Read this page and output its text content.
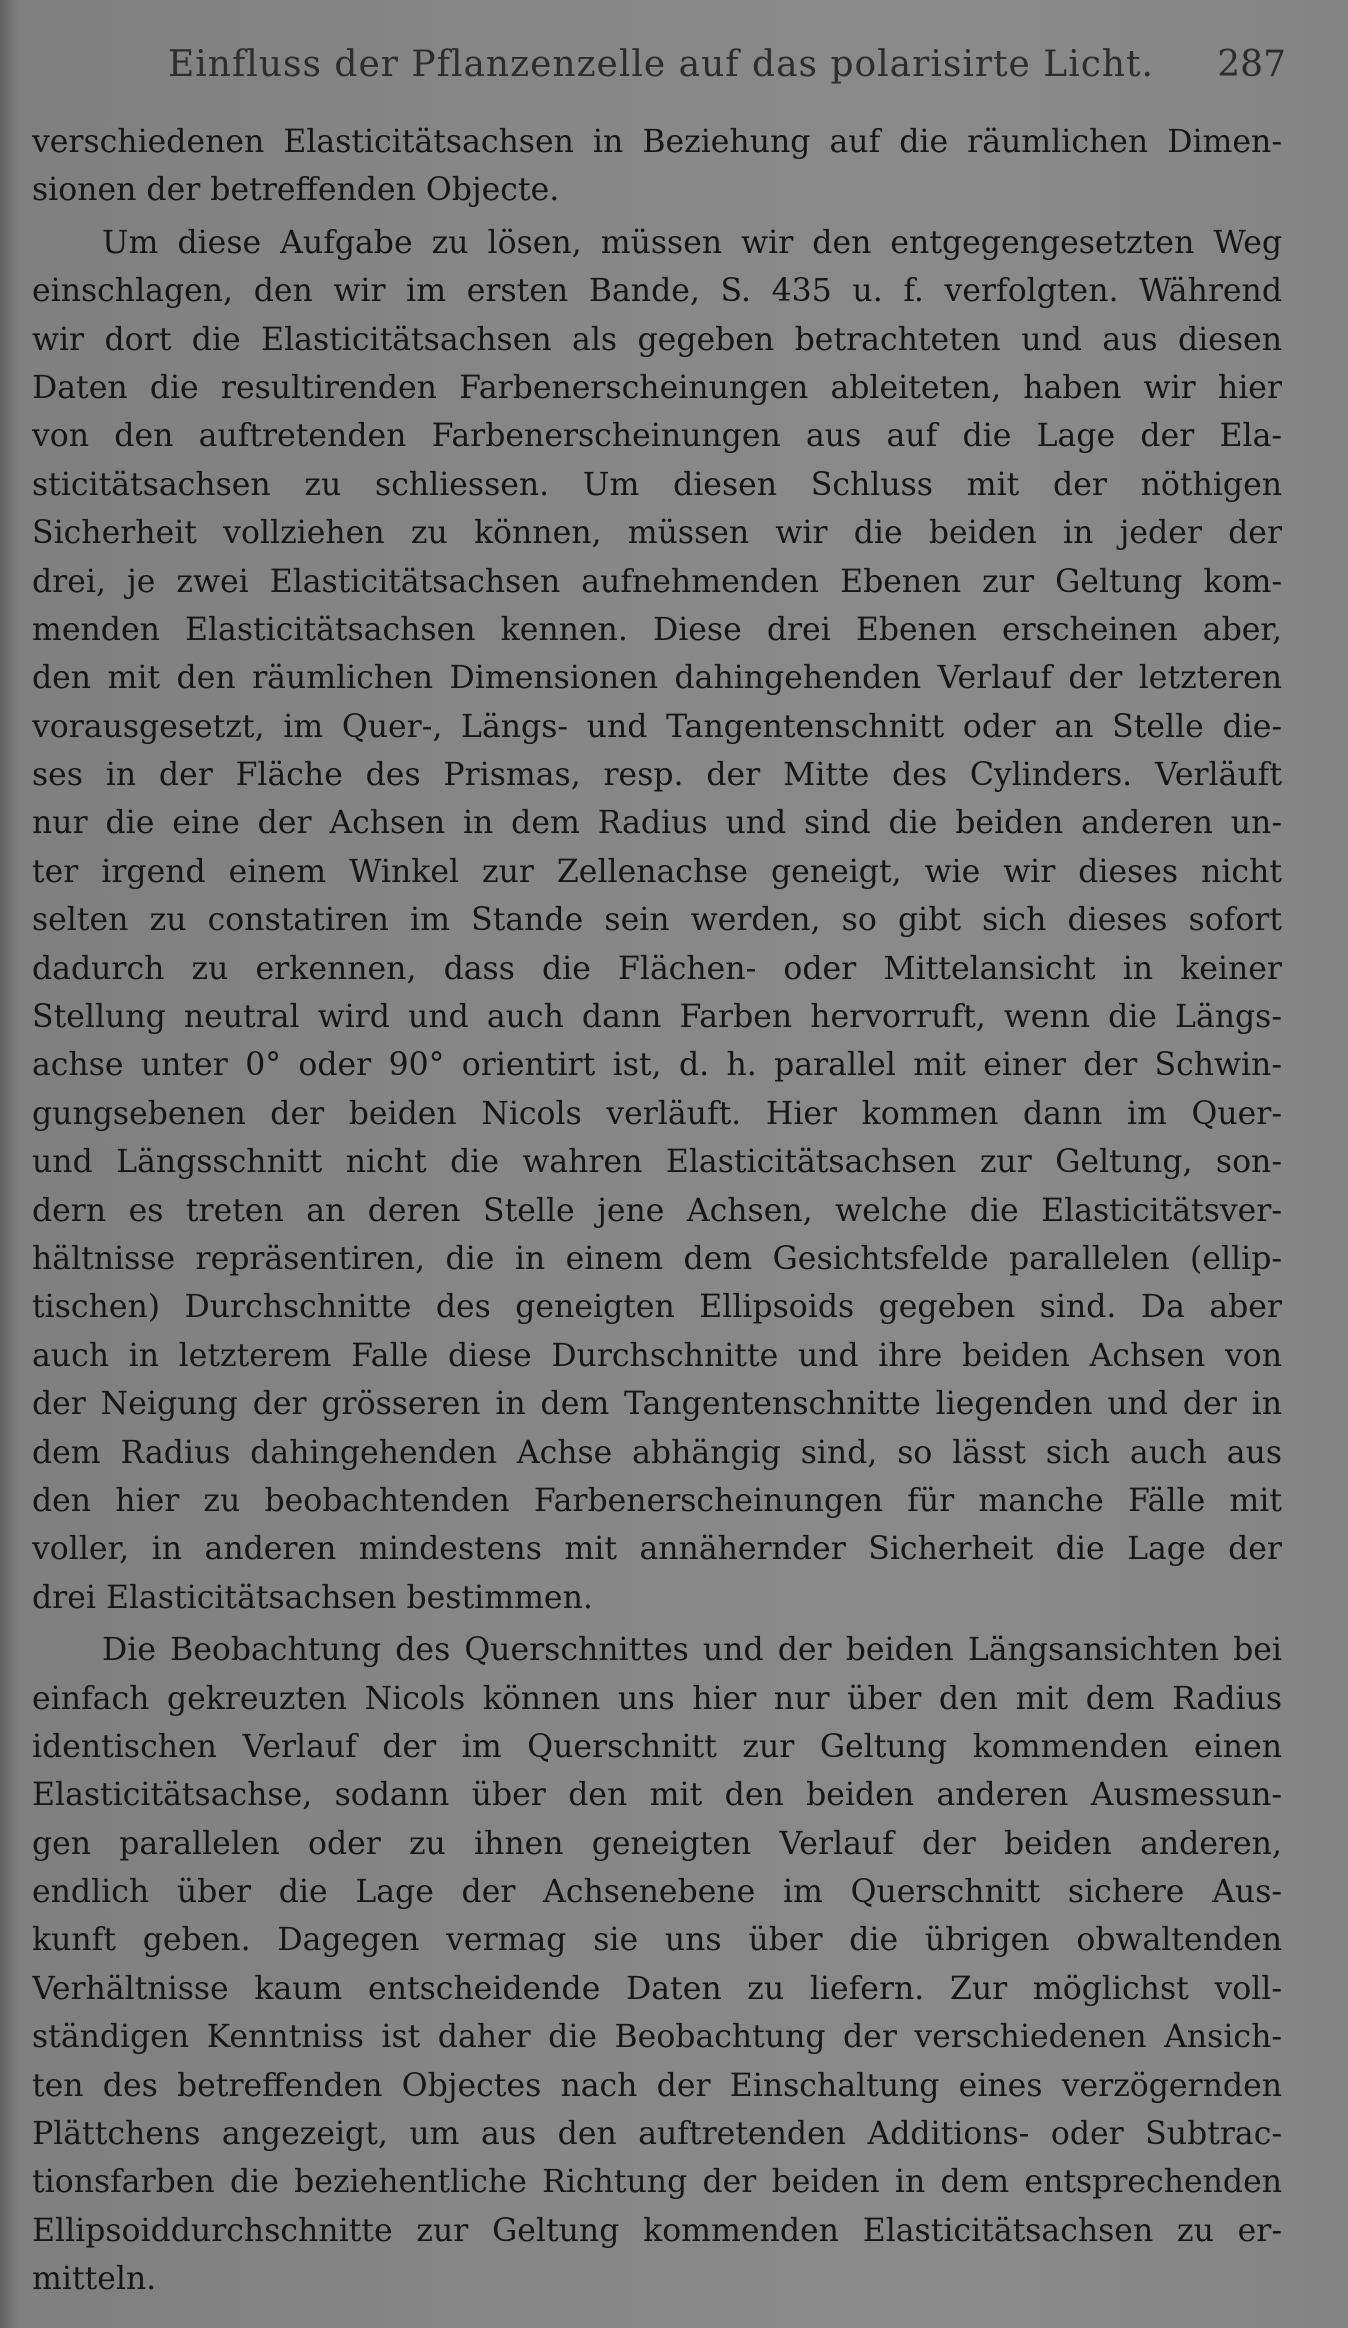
Einfluss der Pflanzenzelle auf das polarisirte Licht. 287
verschiedenen Elasticitätsachsen in Beziehung auf die räumlichen Dimen-
sionen der betreffenden Objecte.
Um diese Aufgabe zu lösen, müssen wir den entgegengesetzten Weg
einschlagen, den wir im ersten Bande, S. 435 u. f. verfolgten. Während
wir dort die Elasticitätsachsen als gegeben betrachteten und aus diesen
Daten die resultirenden Farbenerscheinungen ableiteten, haben wir hier
von den auftretenden Farbenerscheinungen aus auf die Lage der Ela-
sticitätsachsen zu schliessen. Um diesen Schluss mit der nöthigen
Sicherheit vollziehen zu können, müssen wir die beiden in jeder der
drei, je zwei Elasticitätsachsen aufnehmenden Ebenen zur Geltung kom-
menden Elasticitätsachsen kennen. Diese drei Ebenen erscheinen aber,
den mit den räumlichen Dimensionen dahingehenden Verlauf der letzteren
vorausgesetzt, im Quer-, Längs- und Tangentenschnitt oder an Stelle die-
ses in der Fläche des Prismas, resp. der Mitte des Cylinders. Verläuft
nur die eine der Achsen in dem Radius und sind die beiden anderen un-
ter irgend einem Winkel zur Zellenachse geneigt, wie wir dieses nicht
selten zu constatiren im Stande sein werden, so gibt sich dieses sofort
dadurch zu erkennen, dass die Flächen- oder Mittelansicht in keiner
Stellung neutral wird und auch dann Farben hervorruft, wenn die Längs-
achse unter 0° oder 90° orientirt ist, d. h. parallel mit einer der Schwin-
gungsebenen der beiden Nicols verläuft. Hier kommen dann im Quer-
und Längsschnitt nicht die wahren Elasticitätsachsen zur Geltung, son-
dern es treten an deren Stelle jene Achsen, welche die Elasticitätsver-
hältnisse repräsentiren, die in einem dem Gesichtsfelde parallelen (ellip-
tischen) Durchschnitte des geneigten Ellipsoids gegeben sind. Da aber
auch in letzterem Falle diese Durchschnitte und ihre beiden Achsen von
der Neigung der grösseren in dem Tangentenschnitte liegenden und der in
dem Radius dahingehenden Achse abhängig sind, so lässt sich auch aus
den hier zu beobachtenden Farbenerscheinungen für manche Fälle mit
voller, in anderen mindestens mit annähernder Sicherheit die Lage der
drei Elasticitätsachsen bestimmen.
Die Beobachtung des Querschnittes und der beiden Längsansichten bei
einfach gekreuzten Nicols können uns hier nur über den mit dem Radius
identischen Verlauf der im Querschnitt zur Geltung kommenden einen
Elasticitätsachse, sodann über den mit den beiden anderen Ausmessun-
gen parallelen oder zu ihnen geneigten Verlauf der beiden anderen,
endlich über die Lage der Achsenebene im Querschnitt sichere Aus-
kunft geben. Dagegen vermag sie uns über die übrigen obwaltenden
Verhältnisse kaum entscheidende Daten zu liefern. Zur möglichst voll-
ständigen Kenntniss ist daher die Beobachtung der verschiedenen Ansich-
ten des betreffenden Objectes nach der Einschaltung eines verzögernden
Plättchens angezeigt, um aus den auftretenden Additions- oder Subtrac-
tionsfarben die beziehentliche Richtung der beiden in dem entsprechenden
Ellipsoiddurchschnitte zur Geltung kommenden Elasticitätsachsen zu er-
mitteln.
